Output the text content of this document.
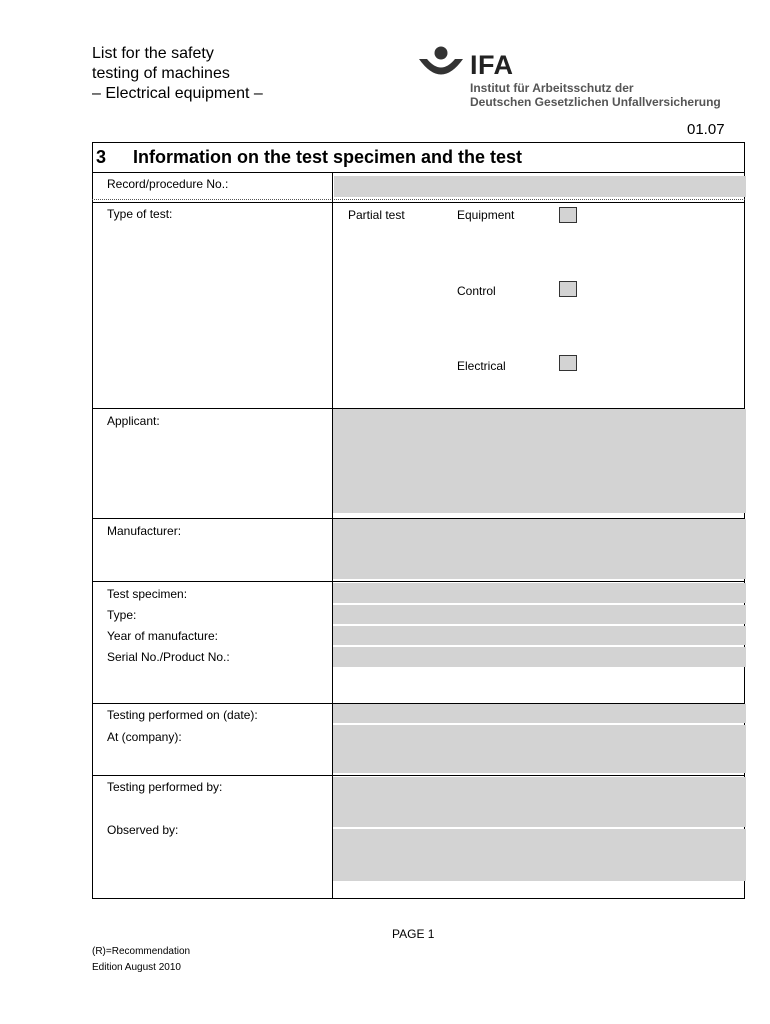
List for the safety
testing of machines
– Electrical equipment –
IFA
Institut für Arbeitsschutz der
Deutschen Gesetzlichen Unfallversicherung
01.07
3 Information on the test specimen and the test
Record/procedure No.:
Type of test:	Partial test	Equipment
Control
Electrical
Applicant:
Manufacturer:
Test specimen:
Type:
Year of manufacture:
Serial No./Product No.:
Testing performed on (date):
At (company):
Testing performed by:
Observed by:
PAGE 1
(R)=Recommendation
Edition August 2010
